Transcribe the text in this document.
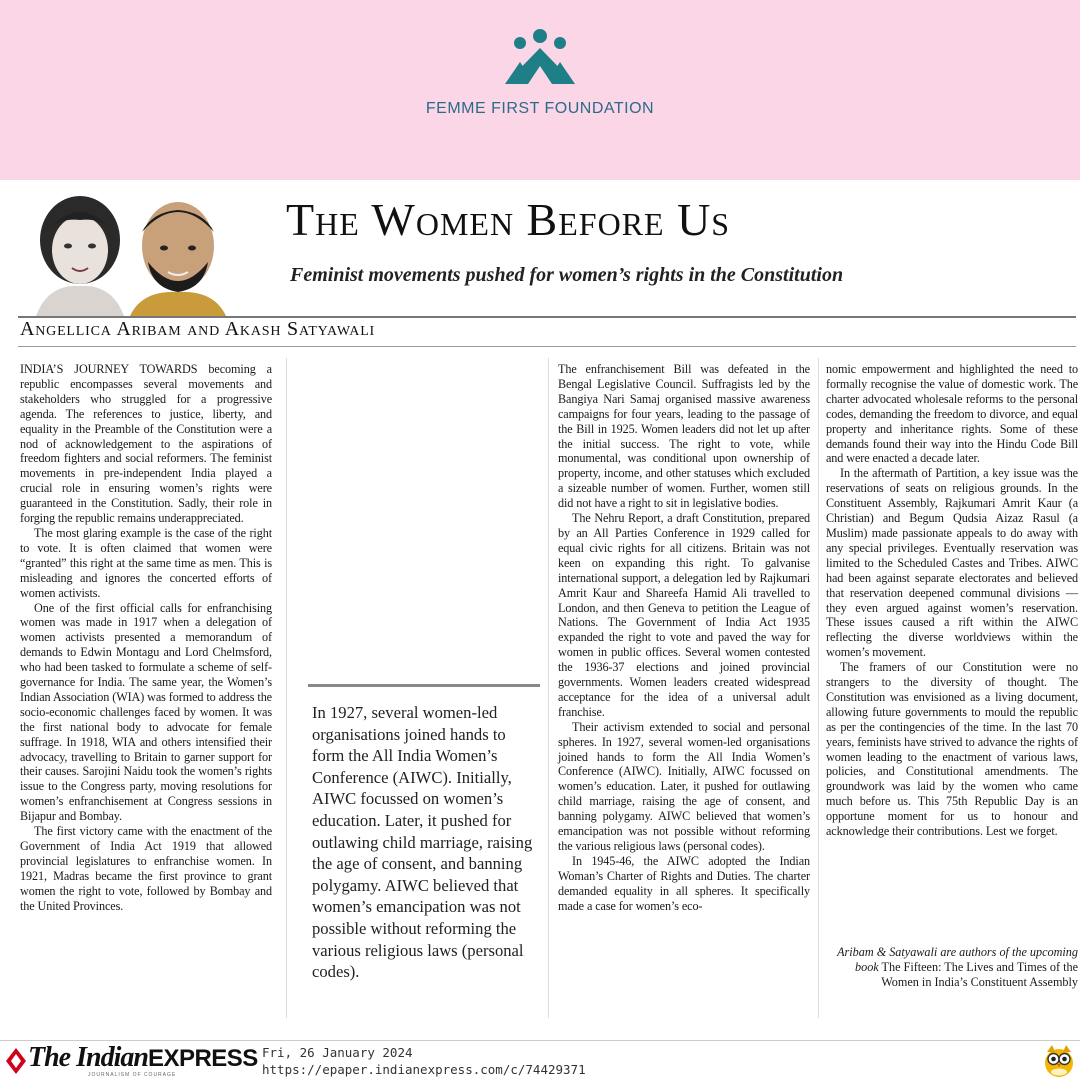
FEMME FIRST FOUNDATION
The Women Before Us
Feminist movements pushed for women’s rights in the Constitution
Angellica Aribam and Akash Satyawali

INDIA’S JOURNEY TOWARDS becoming a republic encompasses several movements and stakeholders who struggled for a progressive agenda. The references to justice, liberty, and equality in the Preamble of the Constitution were a nod of acknowledgement to the aspirations of freedom fighters and social reformers. The feminist movements in pre-independent India played a crucial role in ensuring women’s rights were guaranteed in the Constitution. Sadly, their role in forging the republic remains underappreciated.

The most glaring example is the case of the right to vote. It is often claimed that women were “granted” this right at the same time as men. This is misleading and ignores the concerted efforts of women activists.

One of the first official calls for enfranchising women was made in 1917 when a delegation of women activists presented a memorandum of demands to Edwin Montagu and Lord Chelmsford, who had been tasked to formulate a scheme of self-governance for India. The same year, the Women’s Indian Association (WIA) was formed to address the socio-economic challenges faced by women. It was the first national body to advocate for female suffrage. In 1918, WIA and others intensified their advocacy, travelling to Britain to garner support for their causes. Sarojini Naidu took the women’s rights issue to the Congress party, moving resolutions for women’s enfranchisement at Congress sessions in Bijapur and Bombay.

The first victory came with the enactment of the Government of India Act 1919 that allowed provincial legislatures to enfranchise women. In 1921, Madras became the first province to grant women the right to vote, followed by Bombay and the United Provinces.

In 1927, several women-led organisations joined hands to form the All India Women’s Conference (AIWC). Initially, AIWC focussed on women’s education. Later, it pushed for outlawing child marriage, raising the age of consent, and banning polygamy. AIWC believed that women’s emancipation was not possible without reforming the various religious laws (personal codes).

The enfranchisement Bill was defeated in the Bengal Legislative Council. Suffragists led by the Bangiya Nari Samaj organised massive awareness campaigns for four years, leading to the passage of the Bill in 1925. Women leaders did not let up after the initial success. The right to vote, while monumental, was conditional upon ownership of property, income, and other statuses which excluded a sizeable number of women. Further, women still did not have a right to sit in legislative bodies.

The Nehru Report, a draft Constitution, prepared by an All Parties Conference in 1929 called for equal civic rights for all citizens. Britain was not keen on expanding this right. To galvanise international support, a delegation led by Rajkumari Amrit Kaur and Shareefa Hamid Ali travelled to London, and then Geneva to petition the League of Nations. The Government of India Act 1935 expanded the right to vote and paved the way for women in public offices. Several women contested the 1936-37 elections and joined provincial governments. Women leaders created widespread acceptance for the idea of a universal adult franchise.

Their activism extended to social and personal spheres. In 1927, several women-led organisations joined hands to form the All India Women’s Conference (AIWC). Initially, AIWC focussed on women’s education. Later, it pushed for outlawing child marriage, raising the age of consent, and banning polygamy. AIWC believed that women’s emancipation was not possible without reforming the various religious laws (personal codes).

In 1945-46, the AIWC adopted the Indian Woman’s Charter of Rights and Duties. The charter demanded equality in all spheres. It specifically made a case for women’s eco-

nomic empowerment and highlighted the need to formally recognise the value of domestic work. The charter advocated wholesale reforms to the personal codes, demanding the freedom to divorce, and equal property and inheritance rights. Some of these demands found their way into the Hindu Code Bill and were enacted a decade later.

In the aftermath of Partition, a key issue was the reservations of seats on religious grounds. In the Constituent Assembly, Rajkumari Amrit Kaur (a Christian) and Begum Qudsia Aizaz Rasul (a Muslim) made passionate appeals to do away with any special privileges. Eventually reservation was limited to the Scheduled Castes and Tribes. AIWC had been against separate electorates and believed that reservation deepened communal divisions — they even argued against women’s reservation. These issues caused a rift within the AIWC reflecting the diverse worldviews within the women’s movement.

The framers of our Constitution were no strangers to the diversity of thought. The Constitution was envisioned as a living document, allowing future governments to mould the republic as per the contingencies of the time. In the last 70 years, feminists have strived to advance the rights of women leading to the enactment of various laws, policies, and Constitutional amendments. The groundwork was laid by the women who came much before us. This 75th Republic Day is an opportune moment for us to honour and acknowledge their contributions. Lest we forget.

Aribam & Satyawali are authors of the upcoming book The Fifteen: The Lives and Times of the Women in India’s Constituent Assembly
The IndianEXPRESS
JOURNALISM OF COURAGE
Fri, 26 January 2024
https://epaper.indianexpress.com/c/74429371
